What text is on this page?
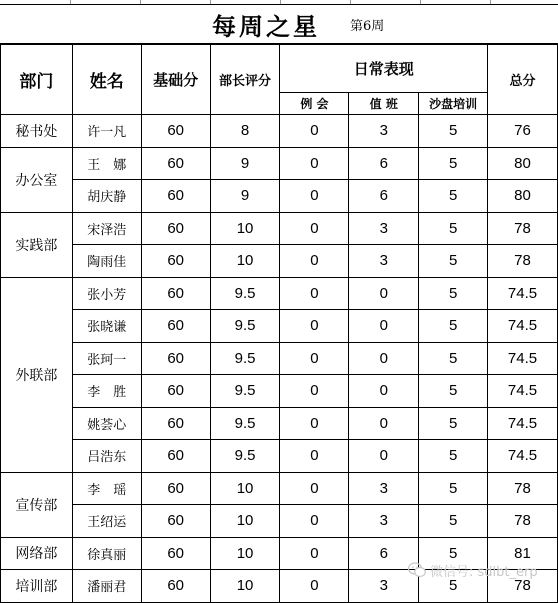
每周之星 第6周
部门	姓名	基础分	部长评分	日常表现			总分
				例 会	值 班	沙盘培训	
秘书处	许一凡	60	8	0	3	5	76
办公室	王　娜	60	9	0	6	5	80
	胡庆静	60	9	0	6	5	80
实践部	宋泽浩	60	10	0	3	5	78
	陶雨佳	60	10	0	3	5	78
外联部	张小芳	60	9.5	0	0	5	74.5
	张晓谦	60	9.5	0	0	5	74.5
	张珂一	60	9.5	0	0	5	74.5
	李　胜	60	9.5	0	0	5	74.5
	姚荟心	60	9.5	0	0	5	74.5
	吕浩东	60	9.5	0	0	5	74.5
宣传部	李　瑶	60	10	0	3	5	78
	王绍运	60	10	0	3	5	78
网络部	徐真丽	60	10	0	6	5	81
培训部	潘丽君	60	10	0	3	5	78
微信号: sdlbt_erp
